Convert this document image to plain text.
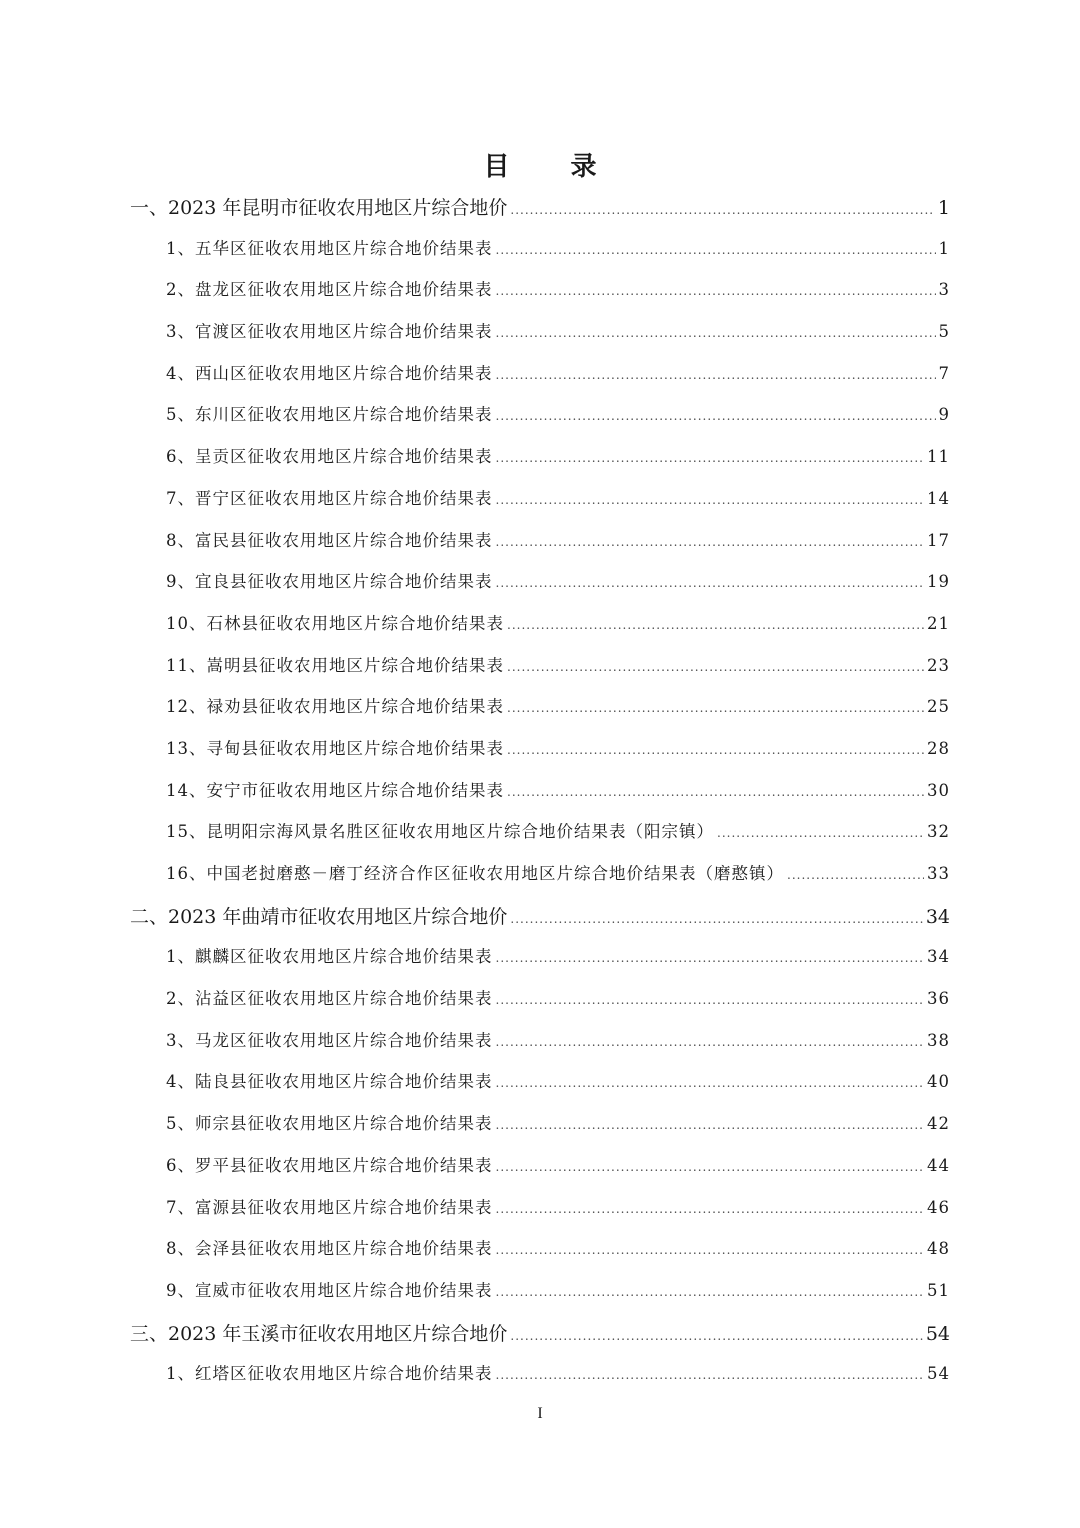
目 录
一、2023 年昆明市征收农用地区片综合地价 .....	1
1、五华区征收农用地区片综合地价结果表 .....	1
2、盘龙区征收农用地区片综合地价结果表 .....	3
3、官渡区征收农用地区片综合地价结果表 .....	5
4、西山区征收农用地区片综合地价结果表 .....	7
5、东川区征收农用地区片综合地价结果表 .....	9
6、呈贡区征收农用地区片综合地价结果表 .....	11
7、晋宁区征收农用地区片综合地价结果表 .....	14
8、富民县征收农用地区片综合地价结果表 .....	17
9、宜良县征收农用地区片综合地价结果表 .....	19
10、石林县征收农用地区片综合地价结果表 .....	21
11、嵩明县征收农用地区片综合地价结果表 .....	23
12、禄劝县征收农用地区片综合地价结果表 .....	25
13、寻甸县征收农用地区片综合地价结果表 .....	28
14、安宁市征收农用地区片综合地价结果表 .....	30
15、昆明阳宗海风景名胜区征收农用地区片综合地价结果表（阳宗镇） .....	32
16、中国老挝磨憨－磨丁经济合作区征收农用地区片综合地价结果表（磨憨镇） .....	33
二、2023 年曲靖市征收农用地区片综合地价 .....	34
1、麒麟区征收农用地区片综合地价结果表 .....	34
2、沾益区征收农用地区片综合地价结果表 .....	36
3、马龙区征收农用地区片综合地价结果表 .....	38
4、陆良县征收农用地区片综合地价结果表 .....	40
5、师宗县征收农用地区片综合地价结果表 .....	42
6、罗平县征收农用地区片综合地价结果表 .....	44
7、富源县征收农用地区片综合地价结果表 .....	46
8、会泽县征收农用地区片综合地价结果表 .....	48
9、宣威市征收农用地区片综合地价结果表 .....	51
三、2023 年玉溪市征收农用地区片综合地价 .....	54
1、红塔区征收农用地区片综合地价结果表 .....	54
I
